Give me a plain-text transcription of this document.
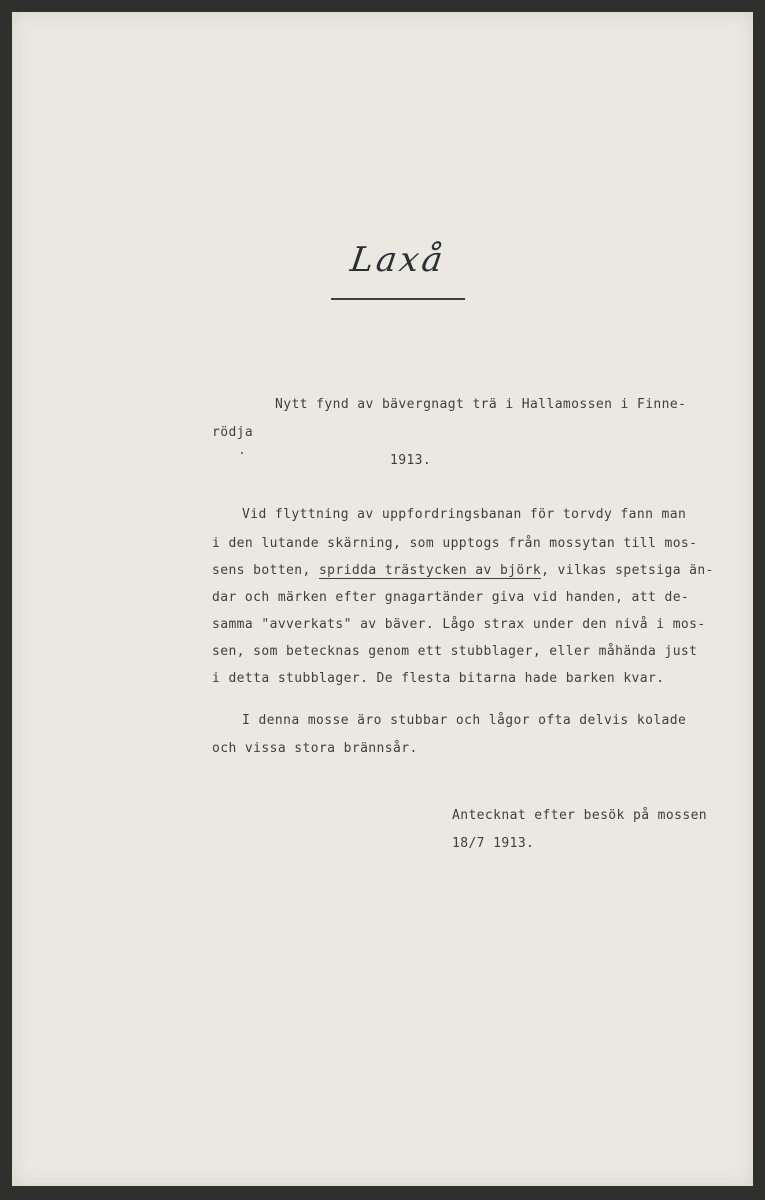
Laxå
Nytt fynd av bävergnagt trä i Hallamossen i Finne-
rödja
1913.
Vid flyttning av uppfordringsbanan för torvdy fann man
i den lutande skärning, som upptogs från mossytan till mos-
sens botten, spridda trästycken av björk, vilkas spetsiga än-
dar och märken efter gnagartänder giva vid handen, att de-
samma "avverkats" av bäver. Lågo strax under den nivå i mos-
sen, som betecknas genom ett stubblager, eller måhända just
i detta stubblager. De flesta bitarna hade barken kvar.
I denna mosse äro stubbar och lågor ofta delvis kolade
och vissa stora brännsår.
Antecknat efter besök på mossen
18/7 1913.
